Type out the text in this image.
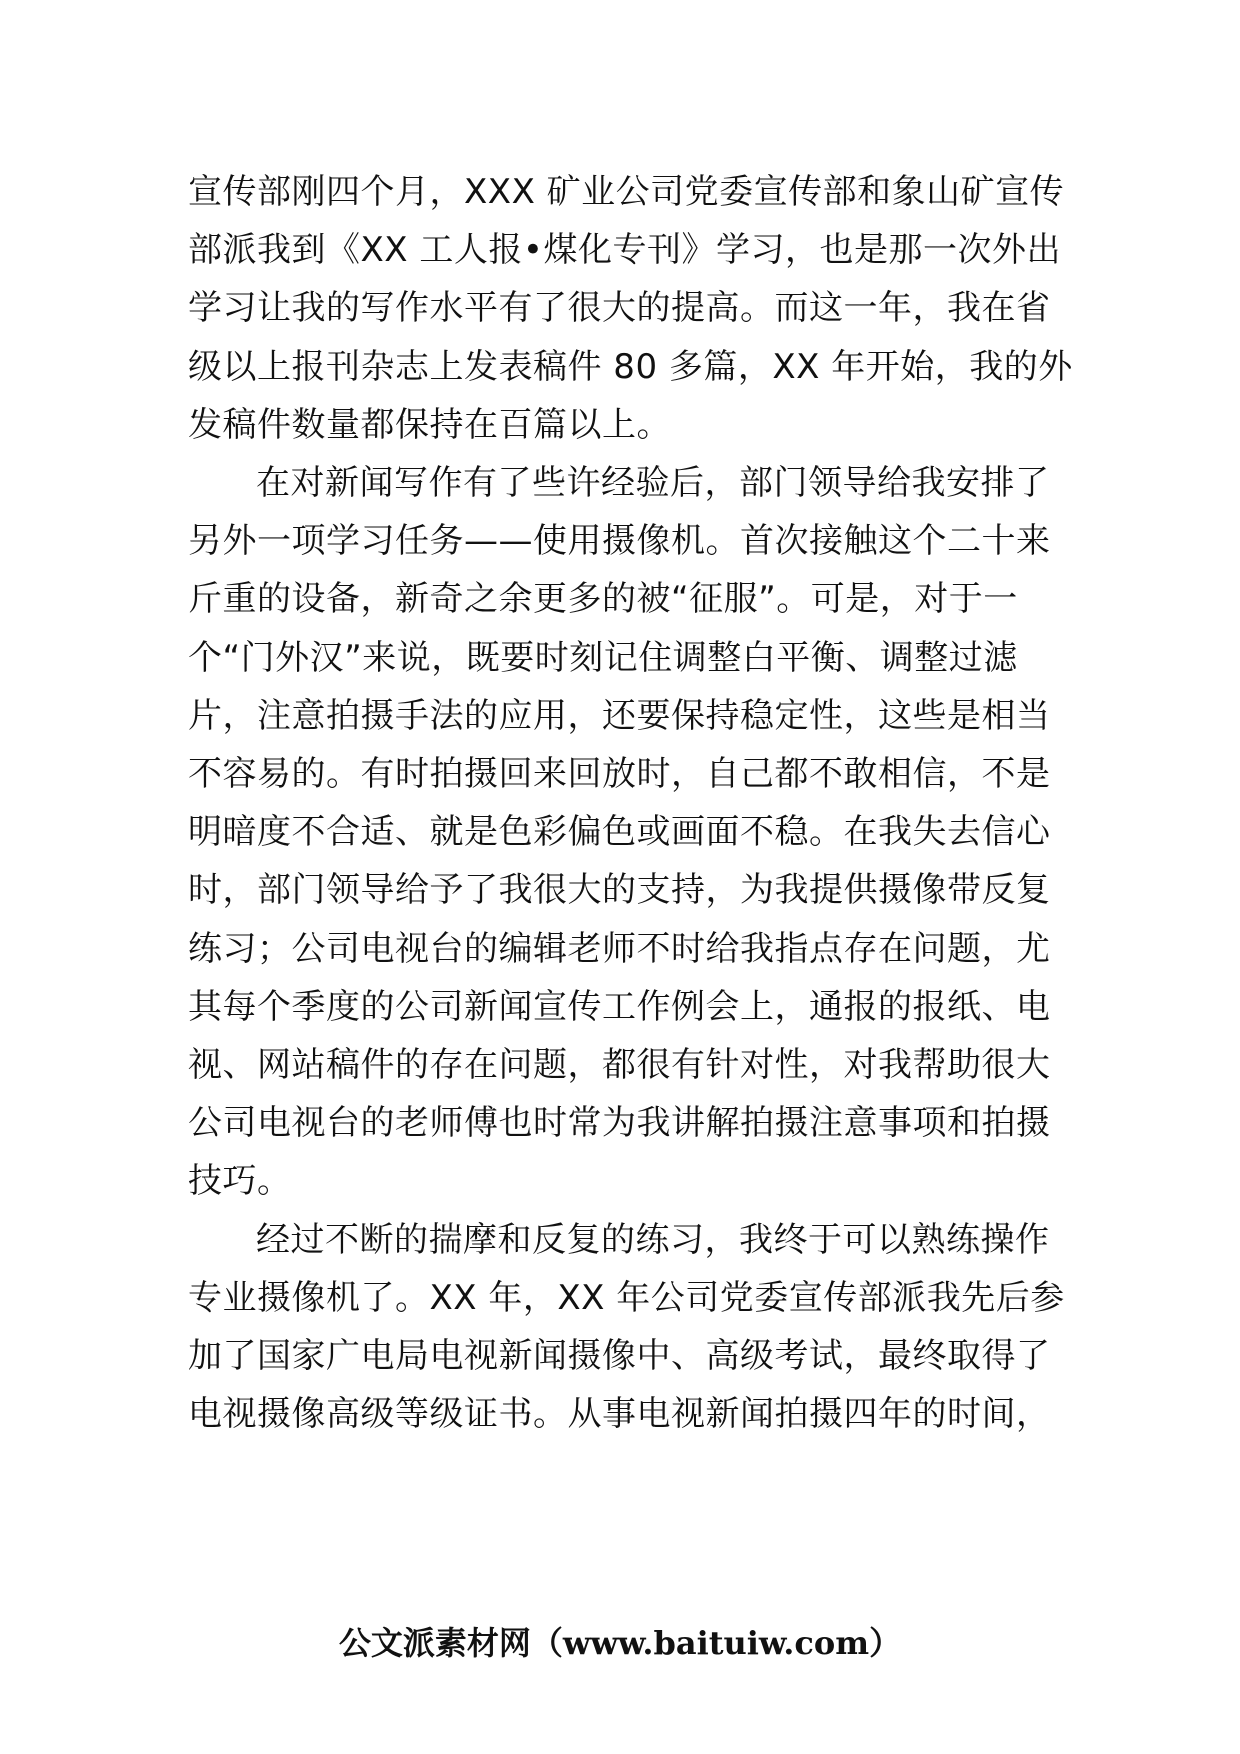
宣传部刚四个月，XXX 矿业公司党委宣传部和象山矿宣传
部派我到《XX 工人报•煤化专刊》学习，也是那一次外出
学习让我的写作水平有了很大的提高。而这一年，我在省
级以上报刊杂志上发表稿件 80 多篇，XX 年开始，我的外
发稿件数量都保持在百篇以上。
在对新闻写作有了些许经验后，部门领导给我安排了
另外一项学习任务——使用摄像机。首次接触这个二十来
斤重的设备，新奇之余更多的被“征服”。可是，对于一
个“门外汉”来说，既要时刻记住调整白平衡、调整过滤
片，注意拍摄手法的应用，还要保持稳定性，这些是相当
不容易的。有时拍摄回来回放时，自己都不敢相信，不是
明暗度不合适、就是色彩偏色或画面不稳。在我失去信心
时，部门领导给予了我很大的支持，为我提供摄像带反复
练习；公司电视台的编辑老师不时给我指点存在问题，尤
其每个季度的公司新闻宣传工作例会上，通报的报纸、电
视、网站稿件的存在问题，都很有针对性，对我帮助很大
公司电视台的老师傅也时常为我讲解拍摄注意事项和拍摄
技巧。
经过不断的揣摩和反复的练习，我终于可以熟练操作
专业摄像机了。XX 年，XX 年公司党委宣传部派我先后参
加了国家广电局电视新闻摄像中、高级考试，最终取得了
电视摄像高级等级证书。从事电视新闻拍摄四年的时间，
公文派素材网（www.baituiw.com）
